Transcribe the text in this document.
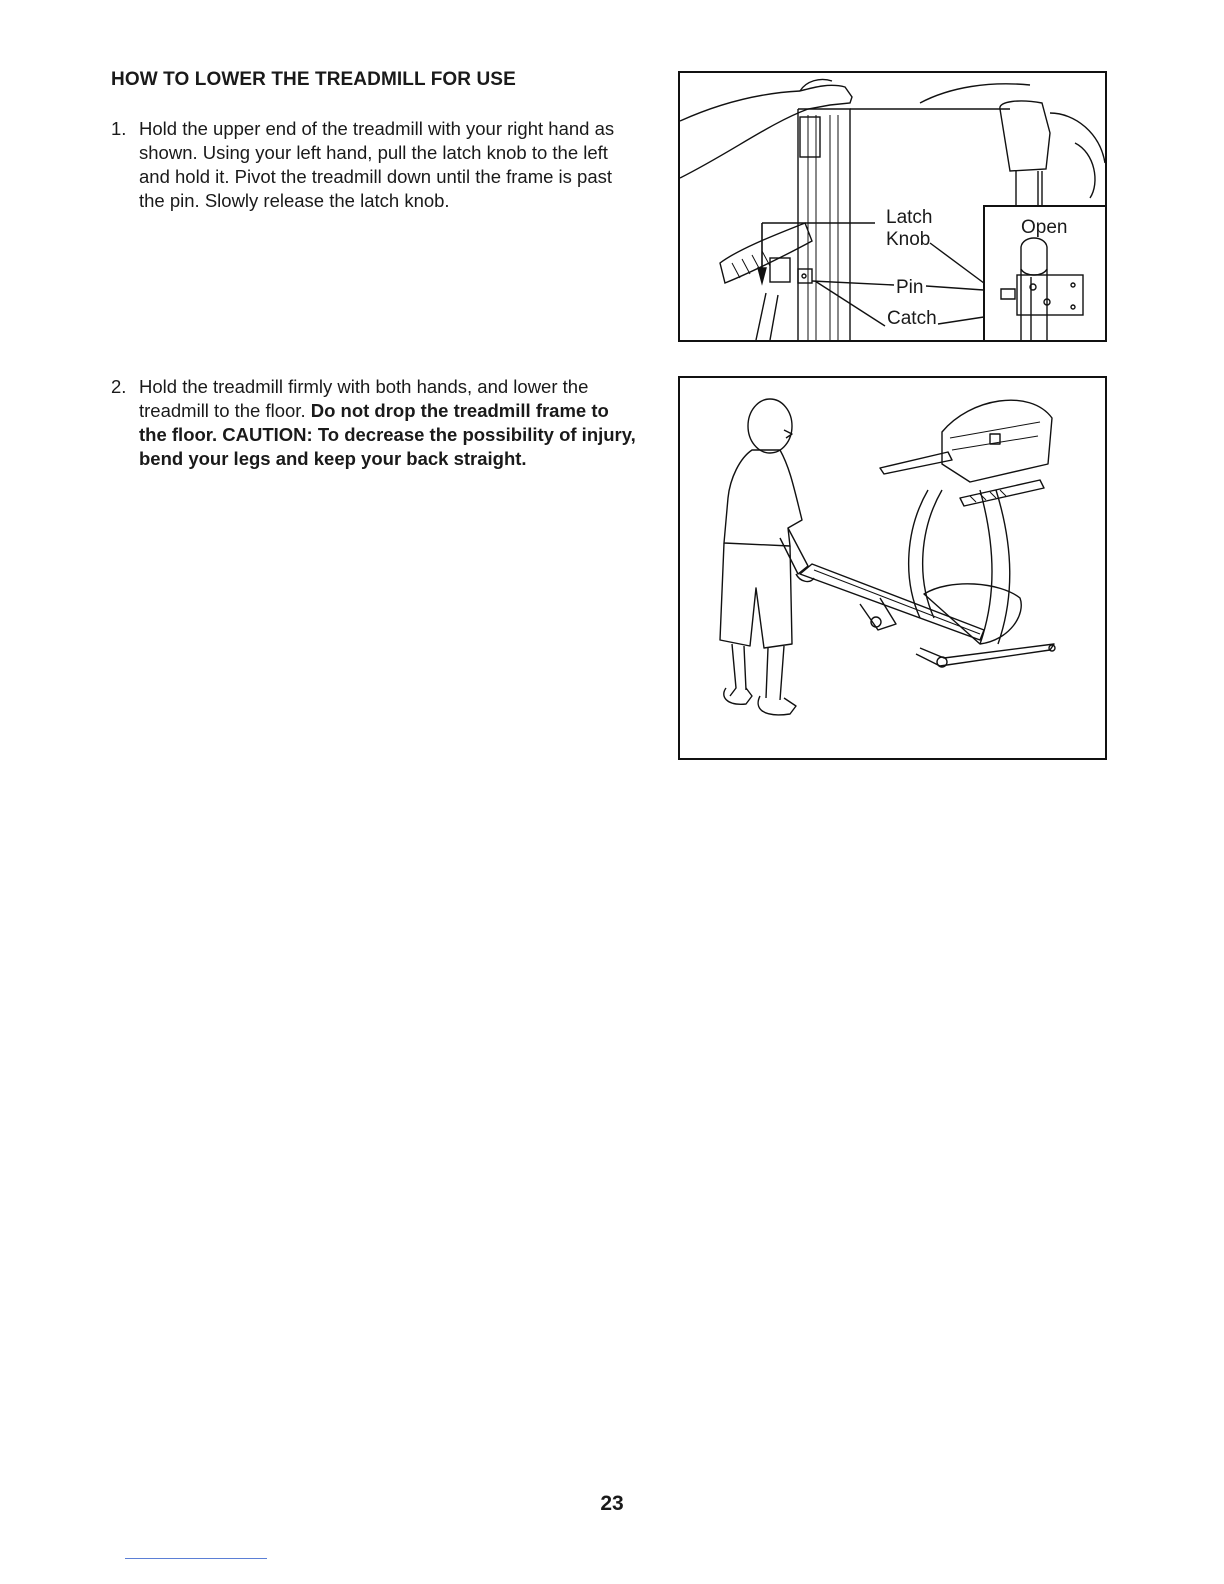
HOW TO LOWER THE TREADMILL FOR USE
1. Hold the upper end of the treadmill with your right hand as shown. Using your left hand, pull the latch knob to the left and hold it. Pivot the treadmill down until the frame is past the pin. Slowly release the latch knob.
2. Hold the treadmill firmly with both hands, and lower the treadmill to the floor. Do not drop the treadmill frame to the floor. CAUTION: To decrease the possibility of injury, bend your legs and keep your back straight.
Latch
Knob
Pin
Catch
Open
23
